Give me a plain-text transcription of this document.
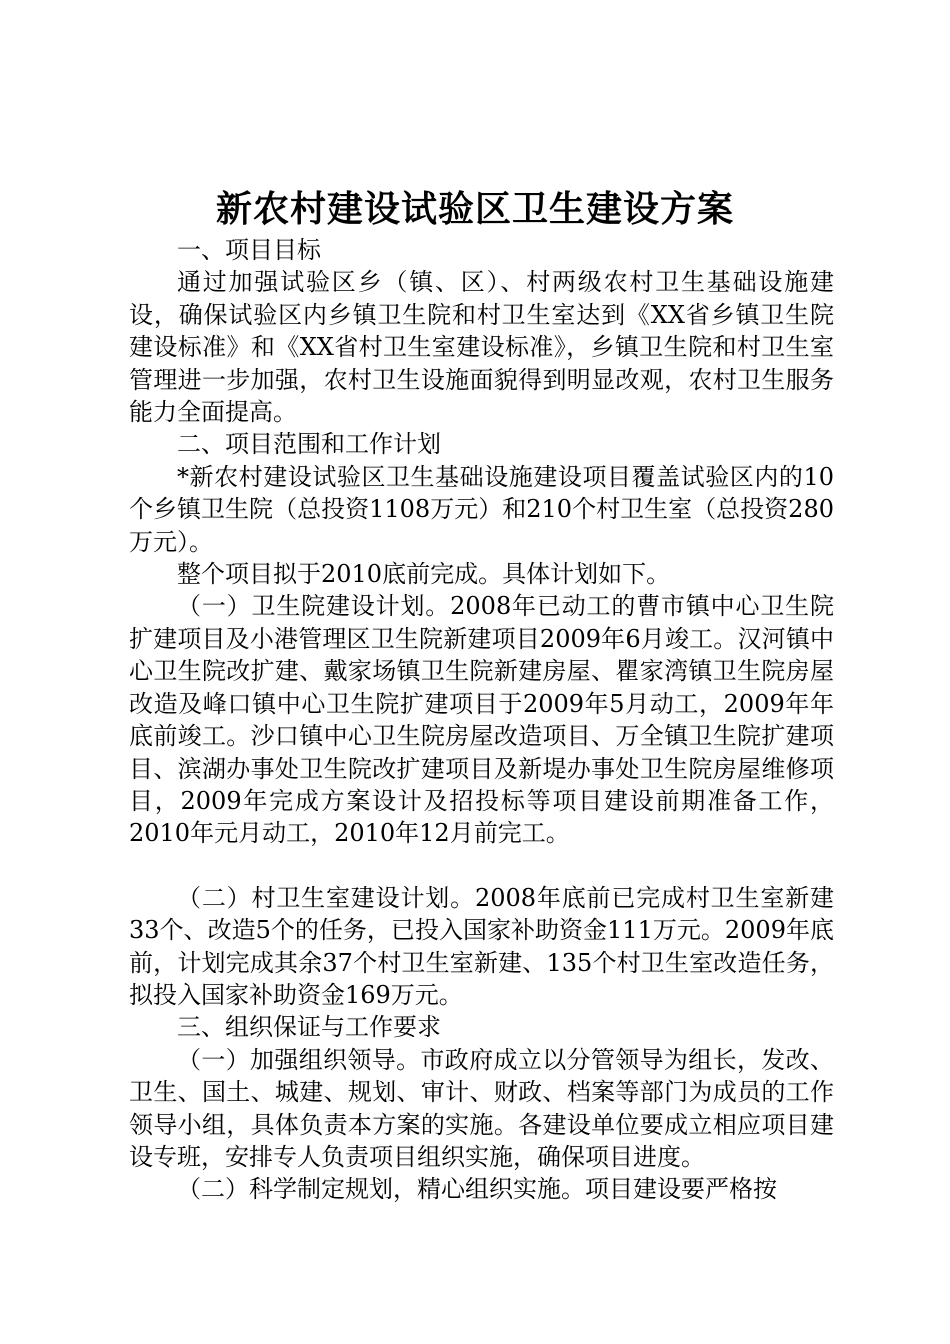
新农村建设试验区卫生建设方案

一、项目目标

通过加强试验区乡（镇、区）、村两级农村卫生基础设施建设，确保试验区内乡镇卫生院和村卫生室达到《XX省乡镇卫生院建设标准》和《XX省村卫生室建设标准》，乡镇卫生院和村卫生室管理进一步加强，农村卫生设施面貌得到明显改观，农村卫生服务能力全面提高。

二、项目范围和工作计划

*新农村建设试验区卫生基础设施建设项目覆盖试验区内的10个乡镇卫生院（总投资1108万元）和210个村卫生室（总投资280万元）。

整个项目拟于2010底前完成。具体计划如下。

（一）卫生院建设计划。2008年已动工的曹市镇中心卫生院扩建项目及小港管理区卫生院新建项目2009年6月竣工。汉河镇中心卫生院改扩建、戴家场镇卫生院新建房屋、瞿家湾镇卫生院房屋改造及峰口镇中心卫生院扩建项目于2009年5月动工，2009年年底前竣工。沙口镇中心卫生院房屋改造项目、万全镇卫生院扩建项目、滨湖办事处卫生院改扩建项目及新堤办事处卫生院房屋维修项目，2009年完成方案设计及招投标等项目建设前期准备工作，2010年元月动工，2010年12月前完工。

（二）村卫生室建设计划。2008年底前已完成村卫生室新建33个、改造5个的任务，已投入国家补助资金111万元。2009年底前，计划完成其余37个村卫生室新建、135个村卫生室改造任务，拟投入国家补助资金169万元。

三、组织保证与工作要求

（一）加强组织领导。市政府成立以分管领导为组长，发改、卫生、国土、城建、规划、审计、财政、档案等部门为成员的工作领导小组，具体负责本方案的实施。各建设单位要成立相应项目建设专班，安排专人负责项目组织实施，确保项目进度。

（二）科学制定规划，精心组织实施。项目建设要严格按
